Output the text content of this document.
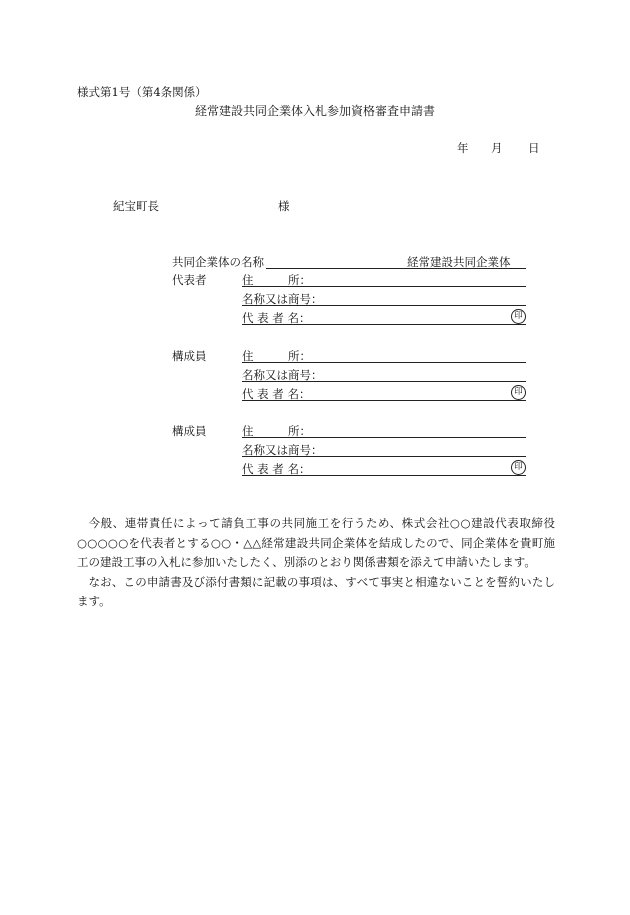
様式第1号（第4条関係）
経常建設共同企業体入札参加資格審査申請書
年 月 日
紀宝町長	様
共同企業体の名称	経常建設共同企業体
代表者	住　　　所：
名称又は商号：
代 表 者 名：	印
構成員	住　　　所：
名称又は商号：
代 表 者 名：	印
構成員	住　　　所：
名称又は商号：
代 表 者 名：	印

今般、連帯責任によって請負工事の共同施工を行うため、株式会社○○建設代表取締役○○○○○を代表者とする○○・△△経常建設共同企業体を結成したので、同企業体を貴町施工の建設工事の入札に参加いたしたく、別添のとおり関係書類を添えて申請いたします。

なお、この申請書及び添付書類に記載の事項は、すべて事実と相違ないことを誓約いたします。
